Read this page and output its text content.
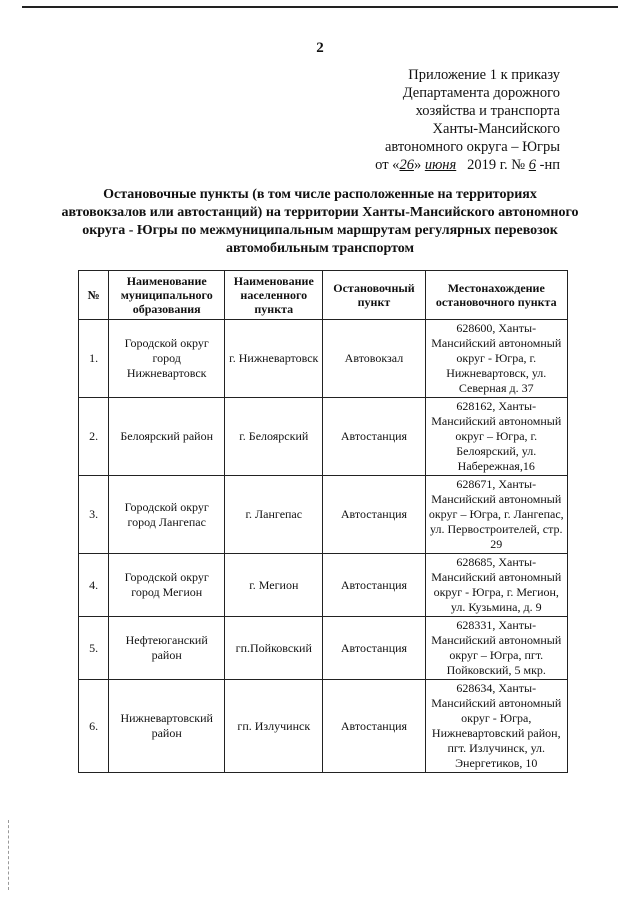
2
Приложение 1 к приказу
Департамента дорожного
хозяйства и транспорта
Ханты-Мансийского
автономного округа – Югры
от «26» июня 2019 г. № 6 -нп
Остановочные пункты (в том числе расположенные на территориях автовокзалов или автостанций) на территории Ханты-Мансийского автономного округа - Югры по межмуниципальным маршрутам регулярных перевозок автомобильным транспортом
№	Наименование муниципального образования	Наименование населенного пункта	Остановочный пункт	Местонахождение остановочного пункта
1.	Городской округ город Нижневартовск	г. Нижневартовск	Автовокзал	628600, Ханты-Мансийский автономный округ - Югра, г. Нижневартовск, ул. Северная д. 37
2.	Белоярский район	г. Белоярский	Автостанция	628162, Ханты-Мансийский автономный округ – Югра, г. Белоярский, ул. Набережная,16
3.	Городской округ город Лангепас	г. Лангепас	Автостанция	628671, Ханты-Мансийский автономный округ – Югра, г. Лангепас, ул. Первостроителей, стр. 29
4.	Городской округ город Мегион	г. Мегион	Автостанция	628685, Ханты-Мансийский автономный округ - Югра, г. Мегион, ул. Кузьмина, д. 9
5.	Нефтеюганский район	гп.Пойковский	Автостанция	628331, Ханты-Мансийский автономный округ – Югра, пгт. Пойковский, 5 мкр.
6.	Нижневартовский район	гп. Излучинск	Автостанция	628634, Ханты-Мансийский автономный округ - Югра, Нижневартовский район, пгт. Излучинск, ул. Энергетиков, 10
